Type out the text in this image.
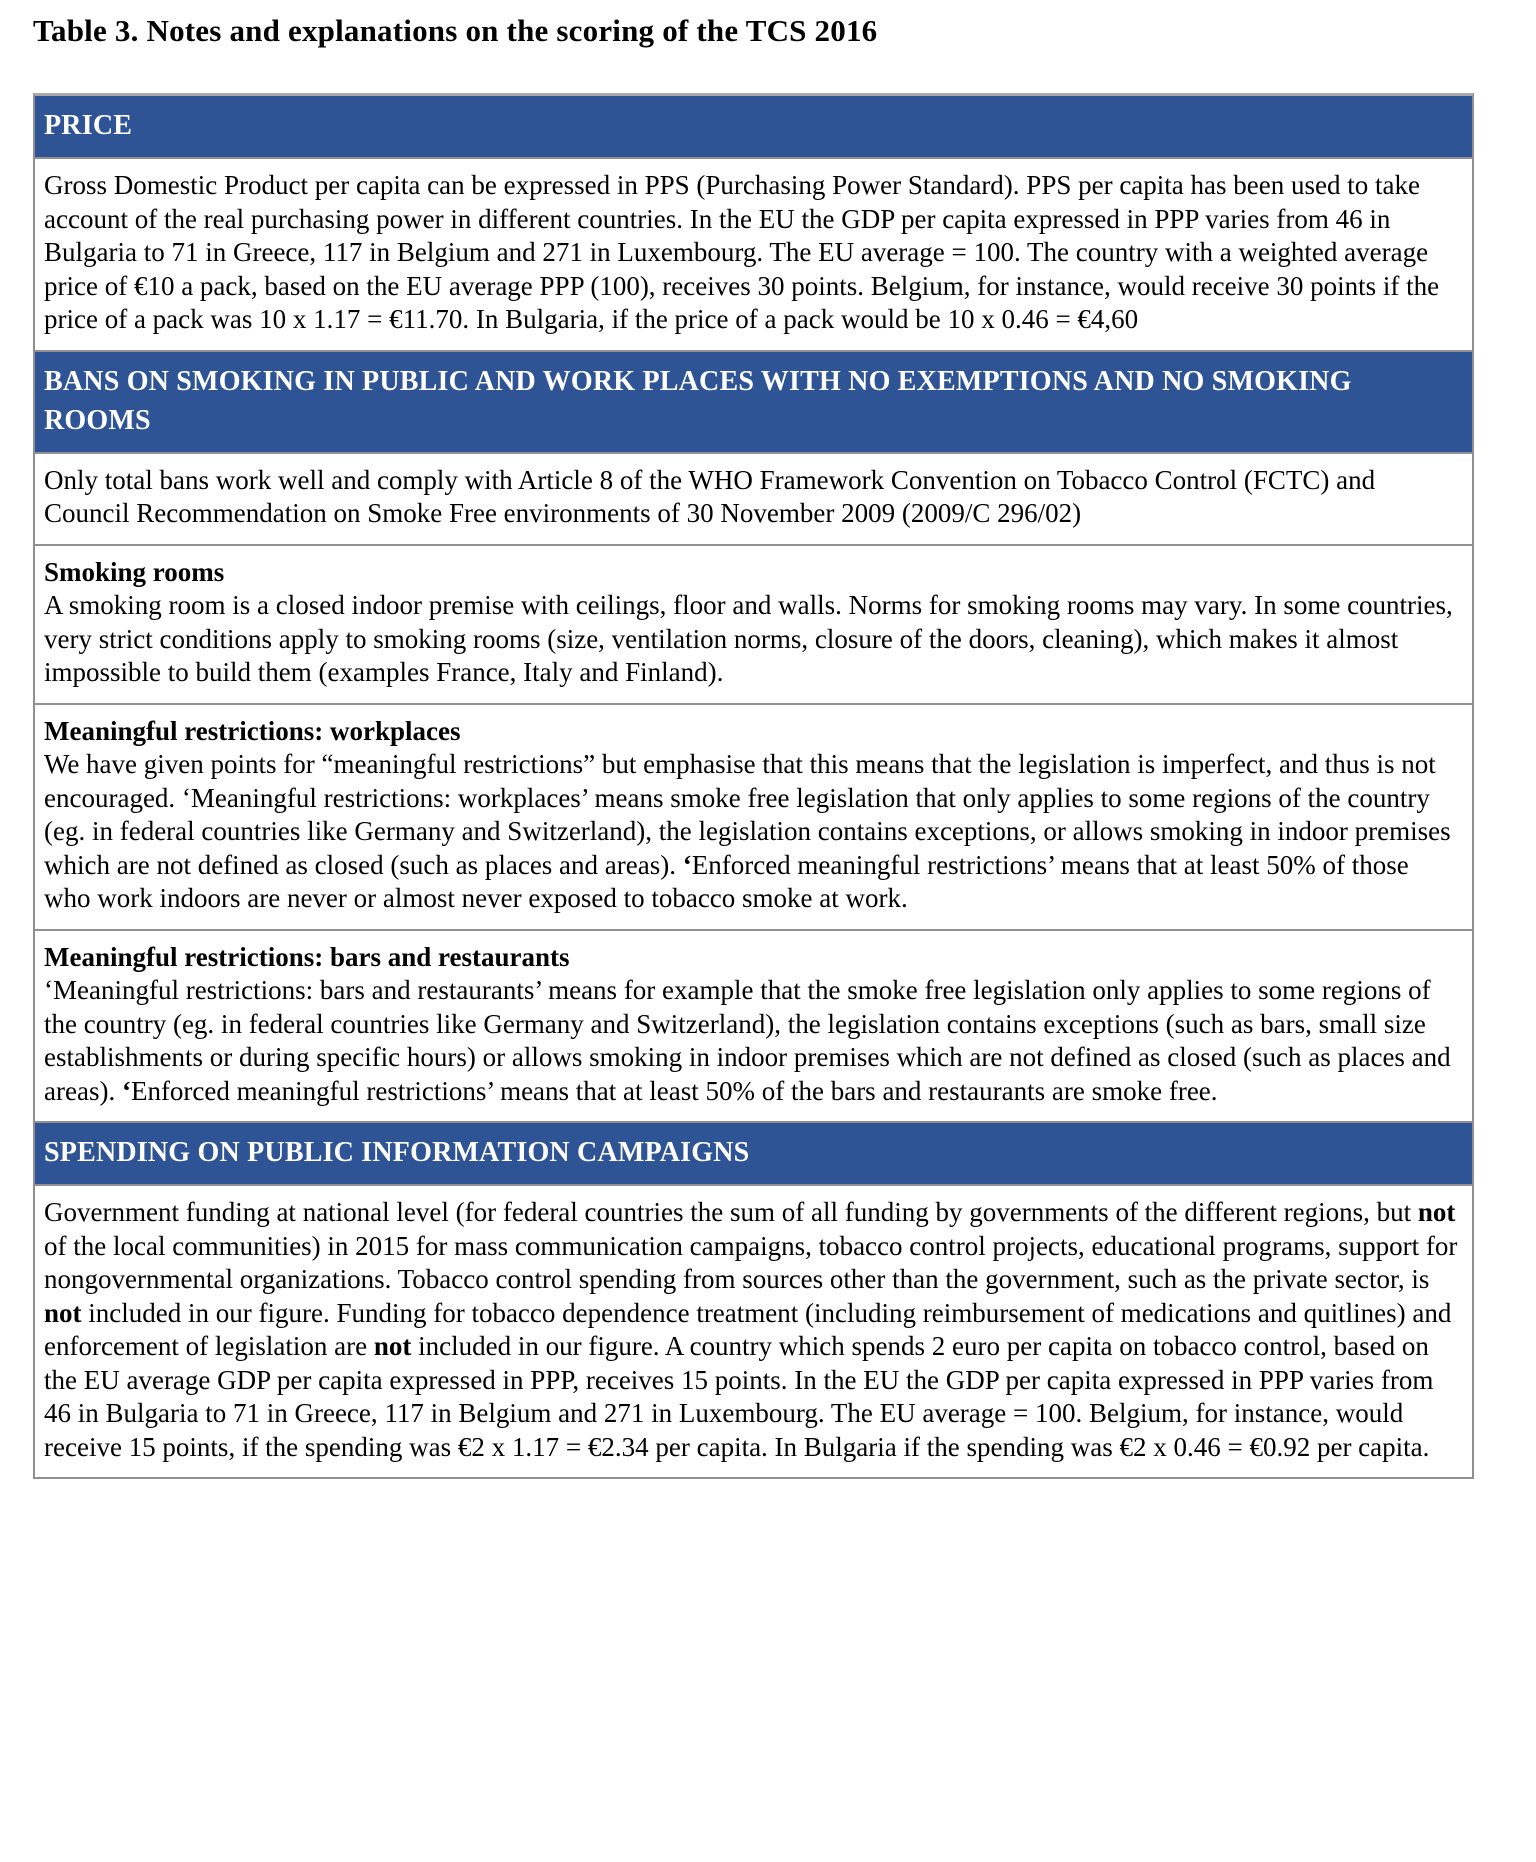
Table 3. Notes and explanations on the scoring of the TCS 2016
PRICE

Gross Domestic Product per capita can be expressed in PPS (Purchasing Power Standard). PPS per capita has been used to take account of the real purchasing power in different countries. In the EU the GDP per capita expressed in PPP varies from 46 in Bulgaria to 71 in Greece, 117 in Belgium and 271 in Luxembourg. The EU average = 100. The country with a weighted average price of €10 a pack, based on the EU average PPP (100), receives 30 points. Belgium, for instance, would receive 30 points if the price of a pack was 10 x 1.17 = €11.70. In Bulgaria, if the price of a pack would be 10 x 0.46 = €4,60

BANS ON SMOKING IN PUBLIC AND WORK PLACES WITH NO EXEMPTIONS AND NO SMOKING ROOMS

Only total bans work well and comply with Article 8 of the WHO Framework Convention on Tobacco Control (FCTC) and Council Recommendation on Smoke Free environments of 30 November 2009 (2009/C 296/02)

Smoking rooms

A smoking room is a closed indoor premise with ceilings, floor and walls. Norms for smoking rooms may vary. In some countries, very strict conditions apply to smoking rooms (size, ventilation norms, closure of the doors, cleaning), which makes it almost impossible to build them (examples France, Italy and Finland).

Meaningful restrictions: workplaces

We have given points for “meaningful restrictions” but emphasise that this means that the legislation is imperfect, and thus is not encouraged. ‘Meaningful restrictions: workplaces’ means smoke free legislation that only applies to some regions of the country (eg. in federal countries like Germany and Switzerland), the legislation contains exceptions, or allows smoking in indoor premises which are not defined as closed (such as places and areas). ‘Enforced meaningful restrictions’ means that at least 50% of those who work indoors are never or almost never exposed to tobacco smoke at work.

Meaningful restrictions: bars and restaurants

‘Meaningful restrictions: bars and restaurants’ means for example that the smoke free legislation only applies to some regions of the country (eg. in federal countries like Germany and Switzerland), the legislation contains exceptions (such as bars, small size establishments or during specific hours) or allows smoking in indoor premises which are not defined as closed (such as places and areas). ‘Enforced meaningful restrictions’ means that at least 50% of the bars and restaurants are smoke free.

SPENDING ON PUBLIC INFORMATION CAMPAIGNS

Government funding at national level (for federal countries the sum of all funding by governments of the different regions, but not of the local communities) in 2015 for mass communication campaigns, tobacco control projects, educational programs, support for nongovernmental organizations. Tobacco control spending from sources other than the government, such as the private sector, is not included in our figure. Funding for tobacco dependence treatment (including reimbursement of medications and quitlines) and enforcement of legislation are not included in our figure. A country which spends 2 euro per capita on tobacco control, based on the EU average GDP per capita expressed in PPP, receives 15 points. In the EU the GDP per capita expressed in PPP varies from 46 in Bulgaria to 71 in Greece, 117 in Belgium and 271 in Luxembourg. The EU average = 100. Belgium, for instance, would receive 15 points, if the spending was €2 x 1.17 = €2.34 per capita. In Bulgaria if the spending was €2 x 0.46 = €0.92 per capita.
